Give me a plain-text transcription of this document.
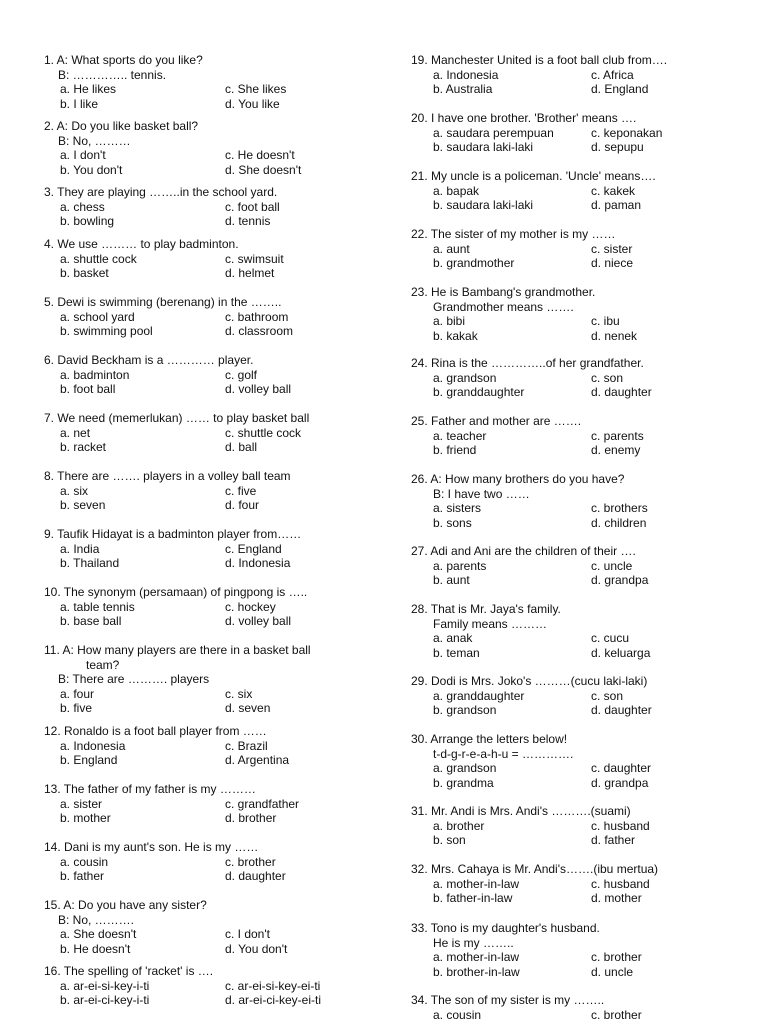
1. A: What sports do you like?
B: ………….. tennis.
a. He likes	c. She likes
b. I like	d. You like
2. A: Do you like basket ball?
B: No, ………
a. I don't	c. He doesn't
b. You don't	d. She doesn't
3. They are playing ……..in the school yard.
a. chess	c. foot ball
b. bowling	d. tennis
4. We use ……… to play badminton.
a. shuttle cock	c. swimsuit
b. basket	d. helmet
5. Dewi is swimming (berenang) in the ……..
a. school yard	c. bathroom
b. swimming pool	d. classroom
6. David Beckham is a ………… player.
a. badminton	c. golf
b. foot ball	d. volley ball
7. We need (memerlukan) …… to play basket ball
a. net	c. shuttle cock
b. racket	d. ball
8. There are ……. players in a volley ball team
a. six	c. five
b. seven	d. four
9. Taufik Hidayat is a badminton player from……
a. India	c. England
b. Thailand	d. Indonesia
10. The synonym (persamaan) of pingpong is …..
a. table tennis	c. hockey
b. base ball	d. volley ball
11. A: How many players are there in a basket ball
team?
B: There are ………. players
a. four	c. six
b. five	d. seven
12. Ronaldo is a foot ball player from ……
a. Indonesia	c. Brazil
b. England	d. Argentina
13. The father of my father is my ………
a. sister	c. grandfather
b. mother	d. brother
14. Dani is my aunt's son. He is my ……
a. cousin	c. brother
b. father	d. daughter
15. A: Do you have any sister?
B: No, ……….
a. She doesn't	c. I don't
b. He doesn't	d. You don't
16. The spelling of 'racket' is ….
a. ar-ei-si-key-i-ti	c. ar-ei-si-key-ei-ti
b. ar-ei-ci-key-i-ti	d. ar-ei-ci-key-ei-ti
19. Manchester United is a foot ball club from….
a. Indonesia	c. Africa
b. Australia	d. England
20. I have one brother. 'Brother' means ….
a. saudara perempuan	c. keponakan
b. saudara laki-laki	d. sepupu
21. My uncle is a policeman. 'Uncle' means….
a. bapak	c. kakek
b. saudara laki-laki	d. paman
22. The sister of my mother is my ……
a. aunt	c. sister
b. grandmother	d. niece
23. He is Bambang's grandmother.
Grandmother means …….
a. bibi	c. ibu
b. kakak	d. nenek
24. Rina is the …………..of her grandfather.
a. grandson	c. son
b. granddaughter	d. daughter
25. Father and mother are …….
a. teacher	c. parents
b. friend	d. enemy
26. A: How many brothers do you have?
B: I have two ……
a. sisters	c. brothers
b. sons	d. children
27. Adi and Ani are the children of their ….
a. parents	c. uncle
b. aunt	d. grandpa
28. That is Mr. Jaya's family.
Family means ………
a. anak	c. cucu
b. teman	d. keluarga
29. Dodi is Mrs. Joko's ………(cucu laki-laki)
a. granddaughter	c. son
b. grandson	d. daughter
30. Arrange the letters below!
t-d-g-r-e-a-h-u = ………….
a. grandson	c. daughter
b. grandma	d. grandpa
31. Mr. Andi is Mrs. Andi's ……….(suami)
a. brother	c. husband
b. son	d. father
32. Mrs. Cahaya is Mr. Andi's…….(ibu mertua)
a. mother-in-law	c. husband
b. father-in-law	d. mother
33. Tono is my daughter's husband.
He is my ……..
a. mother-in-law	c. brother
b. brother-in-law	d. uncle
34. The son of my sister is my ……..
a. cousin	c. brother
